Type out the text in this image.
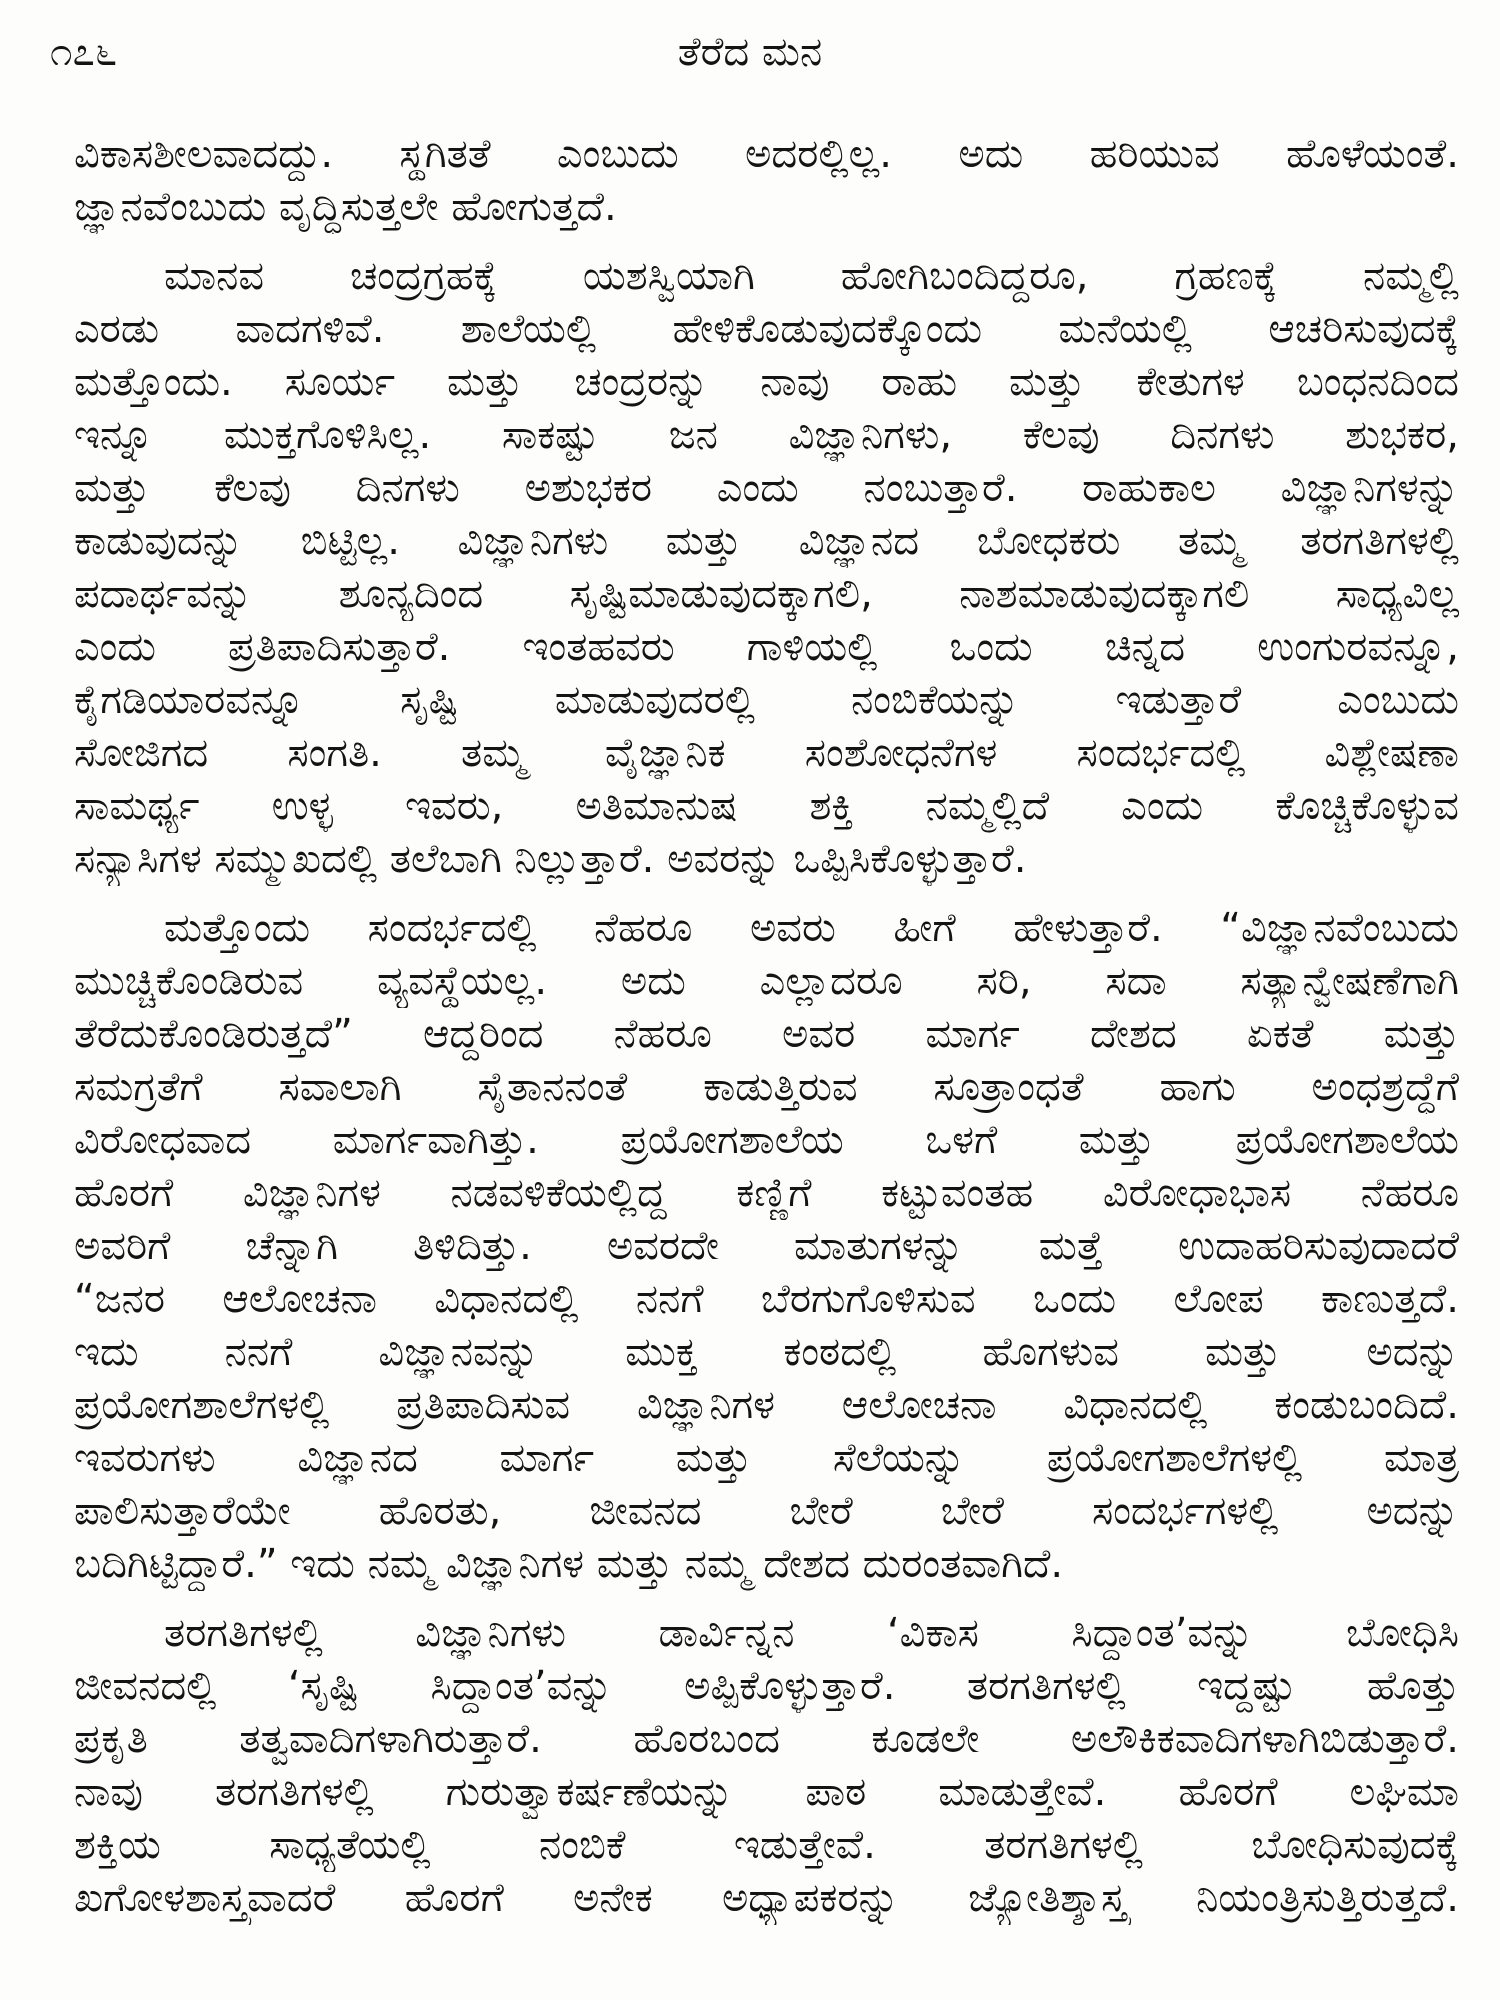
೧೭೬	ತೆರೆದ ಮನ
ವಿಕಾಸಶೀಲವಾದದ್ದು. ಸ್ಥಗಿತತೆ ಎಂಬುದು ಅದರಲ್ಲಿಲ್ಲ. ಅದು ಹರಿಯುವ ಹೊಳೆಯಂತೆ.
ಜ್ಞಾನವೆಂಬುದು ವೃದ್ಧಿಸುತ್ತಲೇ ಹೋಗುತ್ತದೆ.
ಮಾನವ ಚಂದ್ರಗ್ರಹಕ್ಕೆ ಯಶಸ್ವಿಯಾಗಿ ಹೋಗಿಬಂದಿದ್ದರೂ, ಗ್ರಹಣಕ್ಕೆ ನಮ್ಮಲ್ಲಿ
ಎರಡು ವಾದಗಳಿವೆ. ಶಾಲೆಯಲ್ಲಿ ಹೇಳಿಕೊಡುವುದಕ್ಕೊಂದು ಮನೆಯಲ್ಲಿ ಆಚರಿಸುವುದಕ್ಕೆ
ಮತ್ತೊಂದು. ಸೂರ್ಯ ಮತ್ತು ಚಂದ್ರರನ್ನು ನಾವು ರಾಹು ಮತ್ತು ಕೇತುಗಳ ಬಂಧನದಿಂದ
ಇನ್ನೂ ಮುಕ್ತಗೊಳಿಸಿಲ್ಲ. ಸಾಕಷ್ಟು ಜನ ವಿಜ್ಞಾನಿಗಳು, ಕೆಲವು ದಿನಗಳು ಶುಭಕರ,
ಮತ್ತು ಕೆಲವು ದಿನಗಳು ಅಶುಭಕರ ಎಂದು ನಂಬುತ್ತಾರೆ. ರಾಹುಕಾಲ ವಿಜ್ಞಾನಿಗಳನ್ನು
ಕಾಡುವುದನ್ನು ಬಿಟ್ಟಿಲ್ಲ. ವಿಜ್ಞಾನಿಗಳು ಮತ್ತು ವಿಜ್ಞಾನದ ಬೋಧಕರು ತಮ್ಮ ತರಗತಿಗಳಲ್ಲಿ
ಪದಾರ್ಥವನ್ನು ಶೂನ್ಯದಿಂದ ಸೃಷ್ಟಿಮಾಡುವುದಕ್ಕಾಗಲಿ, ನಾಶಮಾಡುವುದಕ್ಕಾಗಲಿ ಸಾಧ್ಯವಿಲ್ಲ
ಎಂದು ಪ್ರತಿಪಾದಿಸುತ್ತಾರೆ. ಇಂತಹವರು ಗಾಳಿಯಲ್ಲಿ ಒಂದು ಚಿನ್ನದ ಉಂಗುರವನ್ನೂ,
ಕೈಗಡಿಯಾರವನ್ನೂ ಸೃಷ್ಟಿ ಮಾಡುವುದರಲ್ಲಿ ನಂಬಿಕೆಯನ್ನು ಇಡುತ್ತಾರೆ ಎಂಬುದು
ಸೋಜಿಗದ ಸಂಗತಿ. ತಮ್ಮ ವೈಜ್ಞಾನಿಕ ಸಂಶೋಧನೆಗಳ ಸಂದರ್ಭದಲ್ಲಿ ವಿಶ್ಲೇಷಣಾ
ಸಾಮರ್ಥ್ಯ ಉಳ್ಳ ಇವರು, ಅತಿಮಾನುಷ ಶಕ್ತಿ ನಮ್ಮಲ್ಲಿದೆ ಎಂದು ಕೊಚ್ಚಿಕೊಳ್ಳುವ
ಸನ್ಯಾಸಿಗಳ ಸಮ್ಮುಖದಲ್ಲಿ ತಲೆಬಾಗಿ ನಿಲ್ಲುತ್ತಾರೆ. ಅವರನ್ನು ಒಪ್ಪಿಸಿಕೊಳ್ಳುತ್ತಾರೆ.
ಮತ್ತೊಂದು ಸಂದರ್ಭದಲ್ಲಿ ನೆಹರೂ ಅವರು ಹೀಗೆ ಹೇಳುತ್ತಾರೆ. “ವಿಜ್ಞಾನವೆಂಬುದು
ಮುಚ್ಚಿಕೊಂಡಿರುವ ವ್ಯವಸ್ಥೆಯಲ್ಲ. ಅದು ಎಲ್ಲಾದರೂ ಸರಿ, ಸದಾ ಸತ್ಯಾನ್ವೇಷಣೆಗಾಗಿ
ತೆರೆದುಕೊಂಡಿರುತ್ತದೆ” ಆದ್ದರಿಂದ ನೆಹರೂ ಅವರ ಮಾರ್ಗ ದೇಶದ ಏಕತೆ ಮತ್ತು
ಸಮಗ್ರತೆಗೆ ಸವಾಲಾಗಿ ಸೈತಾನನಂತೆ ಕಾಡುತ್ತಿರುವ ಸೂತ್ರಾಂಧತೆ ಹಾಗು ಅಂಧಶ್ರದ್ಧೆಗೆ
ವಿರೋಧವಾದ ಮಾರ್ಗವಾಗಿತ್ತು. ಪ್ರಯೋಗಶಾಲೆಯ ಒಳಗೆ ಮತ್ತು ಪ್ರಯೋಗಶಾಲೆಯ
ಹೊರಗೆ ವಿಜ್ಞಾನಿಗಳ ನಡವಳಿಕೆಯಲ್ಲಿದ್ದ ಕಣ್ಣಿಗೆ ಕಟ್ಟುವಂತಹ ವಿರೋಧಾಭಾಸ ನೆಹರೂ
ಅವರಿಗೆ ಚೆನ್ನಾಗಿ ತಿಳಿದಿತ್ತು. ಅವರದೇ ಮಾತುಗಳನ್ನು ಮತ್ತೆ ಉದಾಹರಿಸುವುದಾದರೆ
“ಜನರ ಆಲೋಚನಾ ವಿಧಾನದಲ್ಲಿ ನನಗೆ ಬೆರಗುಗೊಳಿಸುವ ಒಂದು ಲೋಪ ಕಾಣುತ್ತದೆ.
ಇದು ನನಗೆ ವಿಜ್ಞಾನವನ್ನು ಮುಕ್ತ ಕಂಠದಲ್ಲಿ ಹೊಗಳುವ ಮತ್ತು ಅದನ್ನು
ಪ್ರಯೋಗಶಾಲೆಗಳಲ್ಲಿ ಪ್ರತಿಪಾದಿಸುವ ವಿಜ್ಞಾನಿಗಳ ಆಲೋಚನಾ ವಿಧಾನದಲ್ಲಿ ಕಂಡುಬಂದಿದೆ.
ಇವರುಗಳು ವಿಜ್ಞಾನದ ಮಾರ್ಗ ಮತ್ತು ಸೆಲೆಯನ್ನು ಪ್ರಯೋಗಶಾಲೆಗಳಲ್ಲಿ ಮಾತ್ರ
ಪಾಲಿಸುತ್ತಾರೆಯೇ ಹೊರತು, ಜೀವನದ ಬೇರೆ ಬೇರೆ ಸಂದರ್ಭಗಳಲ್ಲಿ ಅದನ್ನು
ಬದಿಗಿಟ್ಟಿದ್ದಾರೆ.” ಇದು ನಮ್ಮ ವಿಜ್ಞಾನಿಗಳ ಮತ್ತು ನಮ್ಮ ದೇಶದ ದುರಂತವಾಗಿದೆ.
ತರಗತಿಗಳಲ್ಲಿ ವಿಜ್ಞಾನಿಗಳು ಡಾರ್ವಿನ್ನನ ‘ವಿಕಾಸ ಸಿದ್ಧಾಂತ’ವನ್ನು ಬೋಧಿಸಿ
ಜೀವನದಲ್ಲಿ ‘ಸೃಷ್ಟಿ ಸಿದ್ಧಾಂತ’ವನ್ನು ಅಪ್ಪಿಕೊಳ್ಳುತ್ತಾರೆ. ತರಗತಿಗಳಲ್ಲಿ ಇದ್ದಷ್ಟು ಹೊತ್ತು
ಪ್ರಕೃತಿ ತತ್ವವಾದಿಗಳಾಗಿರುತ್ತಾರೆ. ಹೊರಬಂದ ಕೂಡಲೇ ಅಲೌಕಿಕವಾದಿಗಳಾಗಿಬಿಡುತ್ತಾರೆ.
ನಾವು ತರಗತಿಗಳಲ್ಲಿ ಗುರುತ್ವಾಕರ್ಷಣೆಯನ್ನು ಪಾಠ ಮಾಡುತ್ತೇವೆ. ಹೊರಗೆ ಲಘಿಮಾ
ಶಕ್ತಿಯ ಸಾಧ್ಯತೆಯಲ್ಲಿ ನಂಬಿಕೆ ಇಡುತ್ತೇವೆ. ತರಗತಿಗಳಲ್ಲಿ ಬೋಧಿಸುವುದಕ್ಕೆ
ಖಗೋಳಶಾಸ್ತ್ರವಾದರೆ ಹೊರಗೆ ಅನೇಕ ಅಧ್ಯಾಪಕರನ್ನು ಜ್ಯೋತಿಶ್ಶಾಸ್ತ್ರ ನಿಯಂತ್ರಿಸುತ್ತಿರುತ್ತದೆ.
